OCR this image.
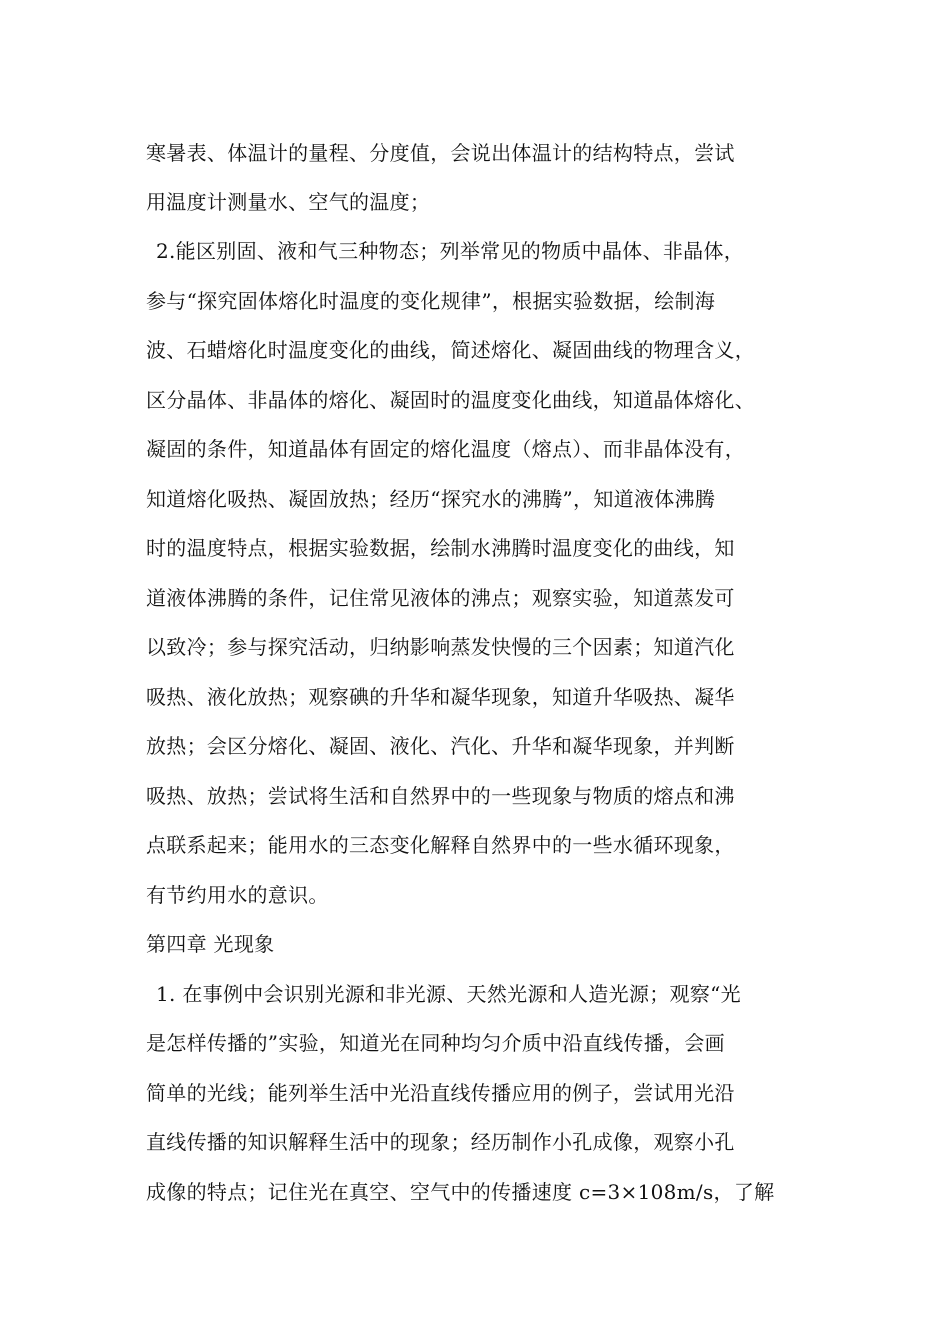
寒暑表、体温计的量程、分度值，会说出体温计的结构特点，尝试
用温度计测量水、空气的温度；
2.能区别固、液和气三种物态；列举常见的物质中晶体、非晶体，
参与“探究固体熔化时温度的变化规律”，根据实验数据，绘制海
波、石蜡熔化时温度变化的曲线，简述熔化、凝固曲线的物理含义，
区分晶体、非晶体的熔化、凝固时的温度变化曲线，知道晶体熔化、
凝固的条件，知道晶体有固定的熔化温度（熔点）、而非晶体没有，
知道熔化吸热、凝固放热；经历“探究水的沸腾”，知道液体沸腾
时的温度特点，根据实验数据，绘制水沸腾时温度变化的曲线，知
道液体沸腾的条件，记住常见液体的沸点；观察实验，知道蒸发可
以致冷；参与探究活动，归纳影响蒸发快慢的三个因素；知道汽化
吸热、液化放热；观察碘的升华和凝华现象，知道升华吸热、凝华
放热；会区分熔化、凝固、液化、汽化、升华和凝华现象，并判断
吸热、放热；尝试将生活和自然界中的一些现象与物质的熔点和沸
点联系起来；能用水的三态变化解释自然界中的一些水循环现象，
有节约用水的意识。
第四章 光现象
1. 在事例中会识别光源和非光源、天然光源和人造光源；观察“光
是怎样传播的”实验，知道光在同种均匀介质中沿直线传播，会画
简单的光线；能列举生活中光沿直线传播应用的例子，尝试用光沿
直线传播的知识解释生活中的现象；经历制作小孔成像，观察小孔
成像的特点；记住光在真空、空气中的传播速度 c=3×108m/s，了解
